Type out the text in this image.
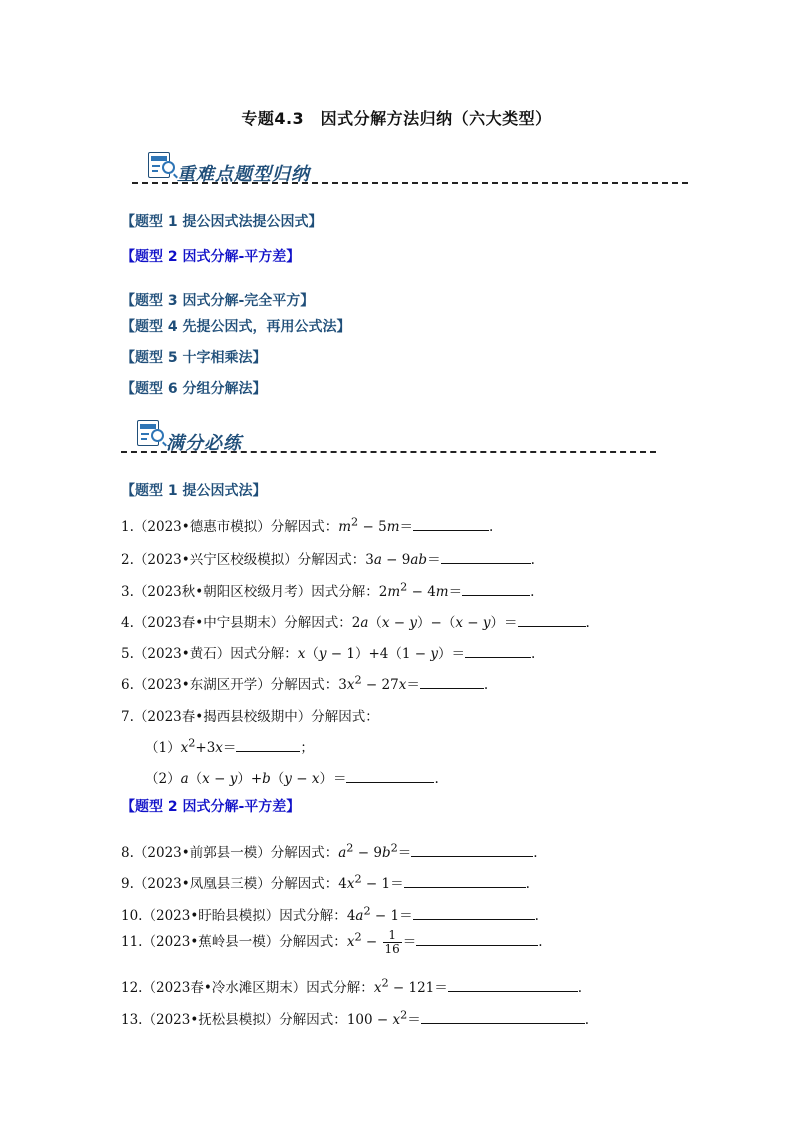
专题4.3　因式分解方法归纳（六大类型）
重难点题型归纳
【题型 1 提公因式法提公因式】
【题型 2 因式分解-平方差】
【题型 3 因式分解-完全平方】
【题型 4 先提公因式，再用公式法】
【题型 5 十字相乘法】
【题型 6 分组分解法】
满分必练
【题型 1 提公因式法】
1.（2023•德惠市模拟）分解因式：$m^2 - 5m=$	.
2.（2023•兴宁区校级模拟）分解因式：3a − 9ab＝	.
3.（2023秋•朝阳区校级月考）因式分解：$2m^2 - 4m=$	.
4.（2023春•中宁县期末）分解因式：2a（x − y）−（x − y）＝	.
5.（2023•黄石）因式分解：x（y − 1）+4（1 − y）＝	.
6.（2023•东湖区开学）分解因式：$3x^2 - 27x=$	.
7.（2023春•揭西县校级期中）分解因式：
$(1)x^2+3x=$	；
（2）a（x − y）+b（y − x）＝	.
【题型 2 因式分解-平方差】
8.（2023•前郭县一模）分解因式：$a^2 - 9b^2=$	.
9.（2023•凤凰县三模）分解因式：$4x^2 - 1=$	.
10.（2023•盱眙县模拟）因式分解：$4a^2 - 1=$	.
11.（2023•蕉岭县一模）分解因式：$x^2 - \frac{1}{16}$ ＝	.
12.（2023春•冷水滩区期末）因式分解：$x^2 - 121=$	.
13.（2023•抚松县模拟）分解因式：$100 - x^2=$	.
